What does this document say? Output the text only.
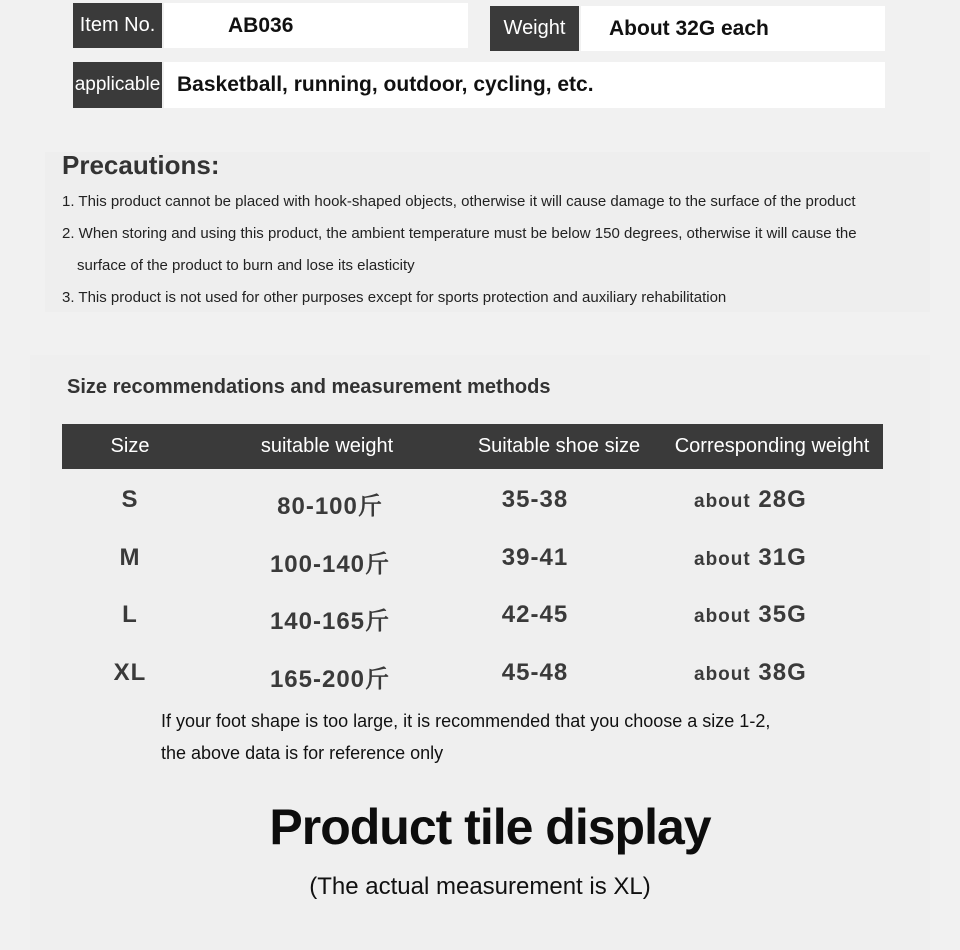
Item No.	AB036	Weight	About 32G each
applicable Basketball, running, outdoor, cycling, etc.
Precautions:
1. This product cannot be placed with hook-shaped objects, otherwise it will cause damage to the surface of the product
2. When storing and using this product, the ambient temperature must be below 150 degrees, otherwise it will cause the
surface of the product to burn and lose its elasticity
3. This product is not used for other purposes except for sports protection and auxiliary rehabilitation
Size recommendations and measurement methods
Size	suitable weight	Suitable shoe size	Corresponding weight
S	80-100斤	35-38	about 28G
M	100-140斤	39-41	about 31G
L	140-165斤	42-45	about 35G
XL	165-200斤	45-48	about 38G
If your foot shape is too large, it is recommended that you choose a size 1-2,
the above data is for reference only
Product tile display
(The actual measurement is XL)
